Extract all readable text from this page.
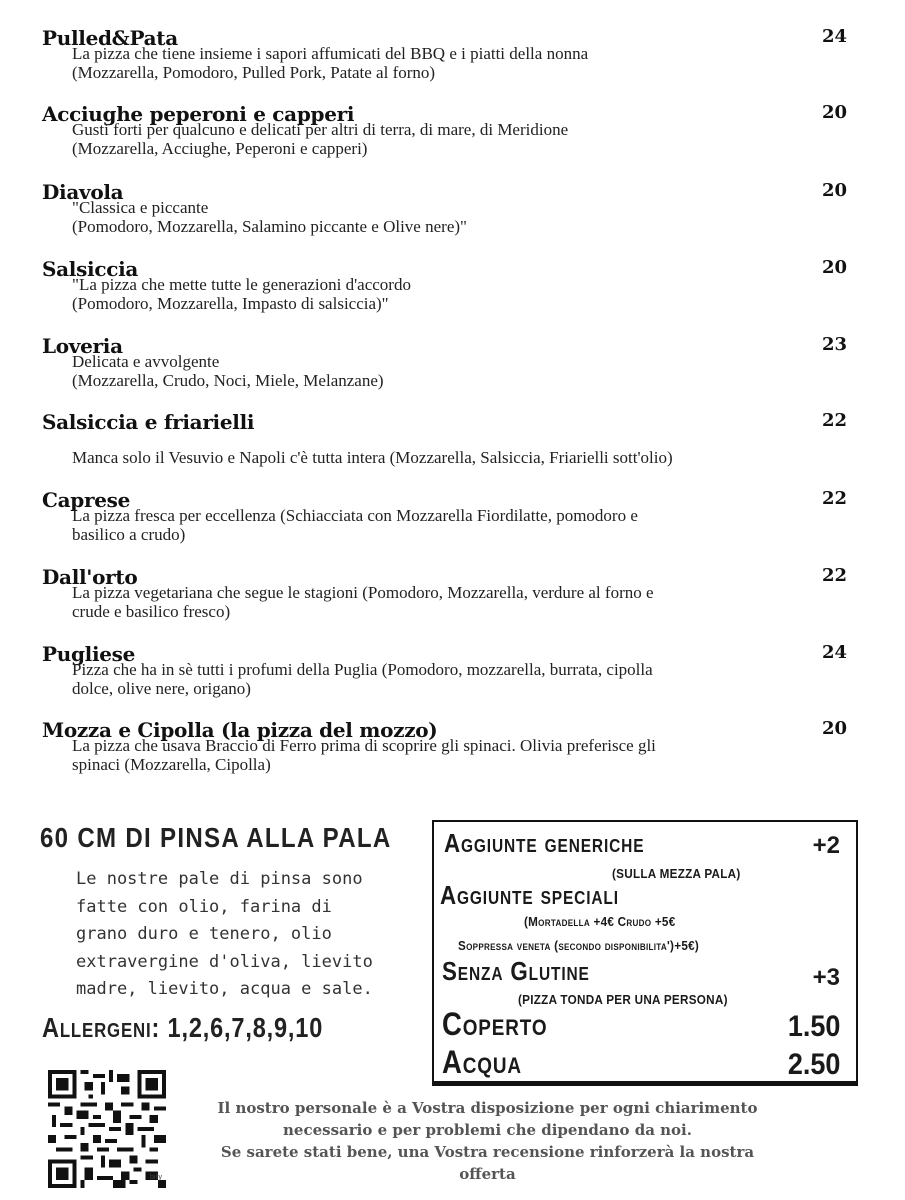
Pulled&Pata	24
La pizza che tiene insieme i sapori affumicati del BBQ e i piatti della nonna
(Mozzarella, Pomodoro, Pulled Pork, Patate al forno)
Acciughe peperoni e capperi	20
Gusti forti per qualcuno e delicati per altri di terra, di mare, di Meridione
(Mozzarella, Acciughe, Peperoni e capperi)
Diavola	20
"Classica e piccante
(Pomodoro, Mozzarella, Salamino piccante e Olive nere)"
Salsiccia	20
"La pizza che mette tutte le generazioni d'accordo
(Pomodoro, Mozzarella, Impasto di salsiccia)"
Loveria	23
Delicata e avvolgente
(Mozzarella, Crudo, Noci, Miele, Melanzane)
Salsiccia e friarielli	22
Manca solo il Vesuvio e Napoli c'è tutta intera (Mozzarella, Salsiccia, Friarielli sott'olio)
Caprese	22
La pizza fresca per eccellenza (Schiacciata con Mozzarella Fiordilatte, pomodoro e
basilico a crudo)
Dall'orto	22
La pizza vegetariana che segue le stagioni (Pomodoro, Mozzarella, verdure al forno e
crude e basilico fresco)
Pugliese	24
Pizza che ha in sè tutti i profumi della Puglia (Pomodoro, mozzarella, burrata, cipolla
dolce, olive nere, origano)
Mozza e Cipolla (la pizza del mozzo)	20
La pizza che usava Braccio di Ferro prima di scoprire gli spinaci. Olivia preferisce gli
spinaci (Mozzarella, Cipolla)
60 CM DI PINSA ALLA PALA
Le nostre pale di pinsa sono fatte con olio, farina di grano duro e tenero, olio extravergine d'oliva, lievito madre, lievito, acqua e sale.
Allergeni: 1,2,6,7,8,9,10
Aggiunte generiche	+2
(SULLA MEZZA PALA)
Aggiunte speciali
(Mortadella +4€ Crudo +5€
Soppressa veneta (secondo disponibilita')+5€)
Senza Glutine	+3
(PIZZA TONDA PER UNA PERSONA)
Coperto	1.50
Acqua	2.50
billy
Il nostro personale è a Vostra disposizione per ogni chiarimento
necessario e per problemi che dipendano da noi.
Se sarete stati bene, una Vostra recensione rinforzerà la nostra
offerta
